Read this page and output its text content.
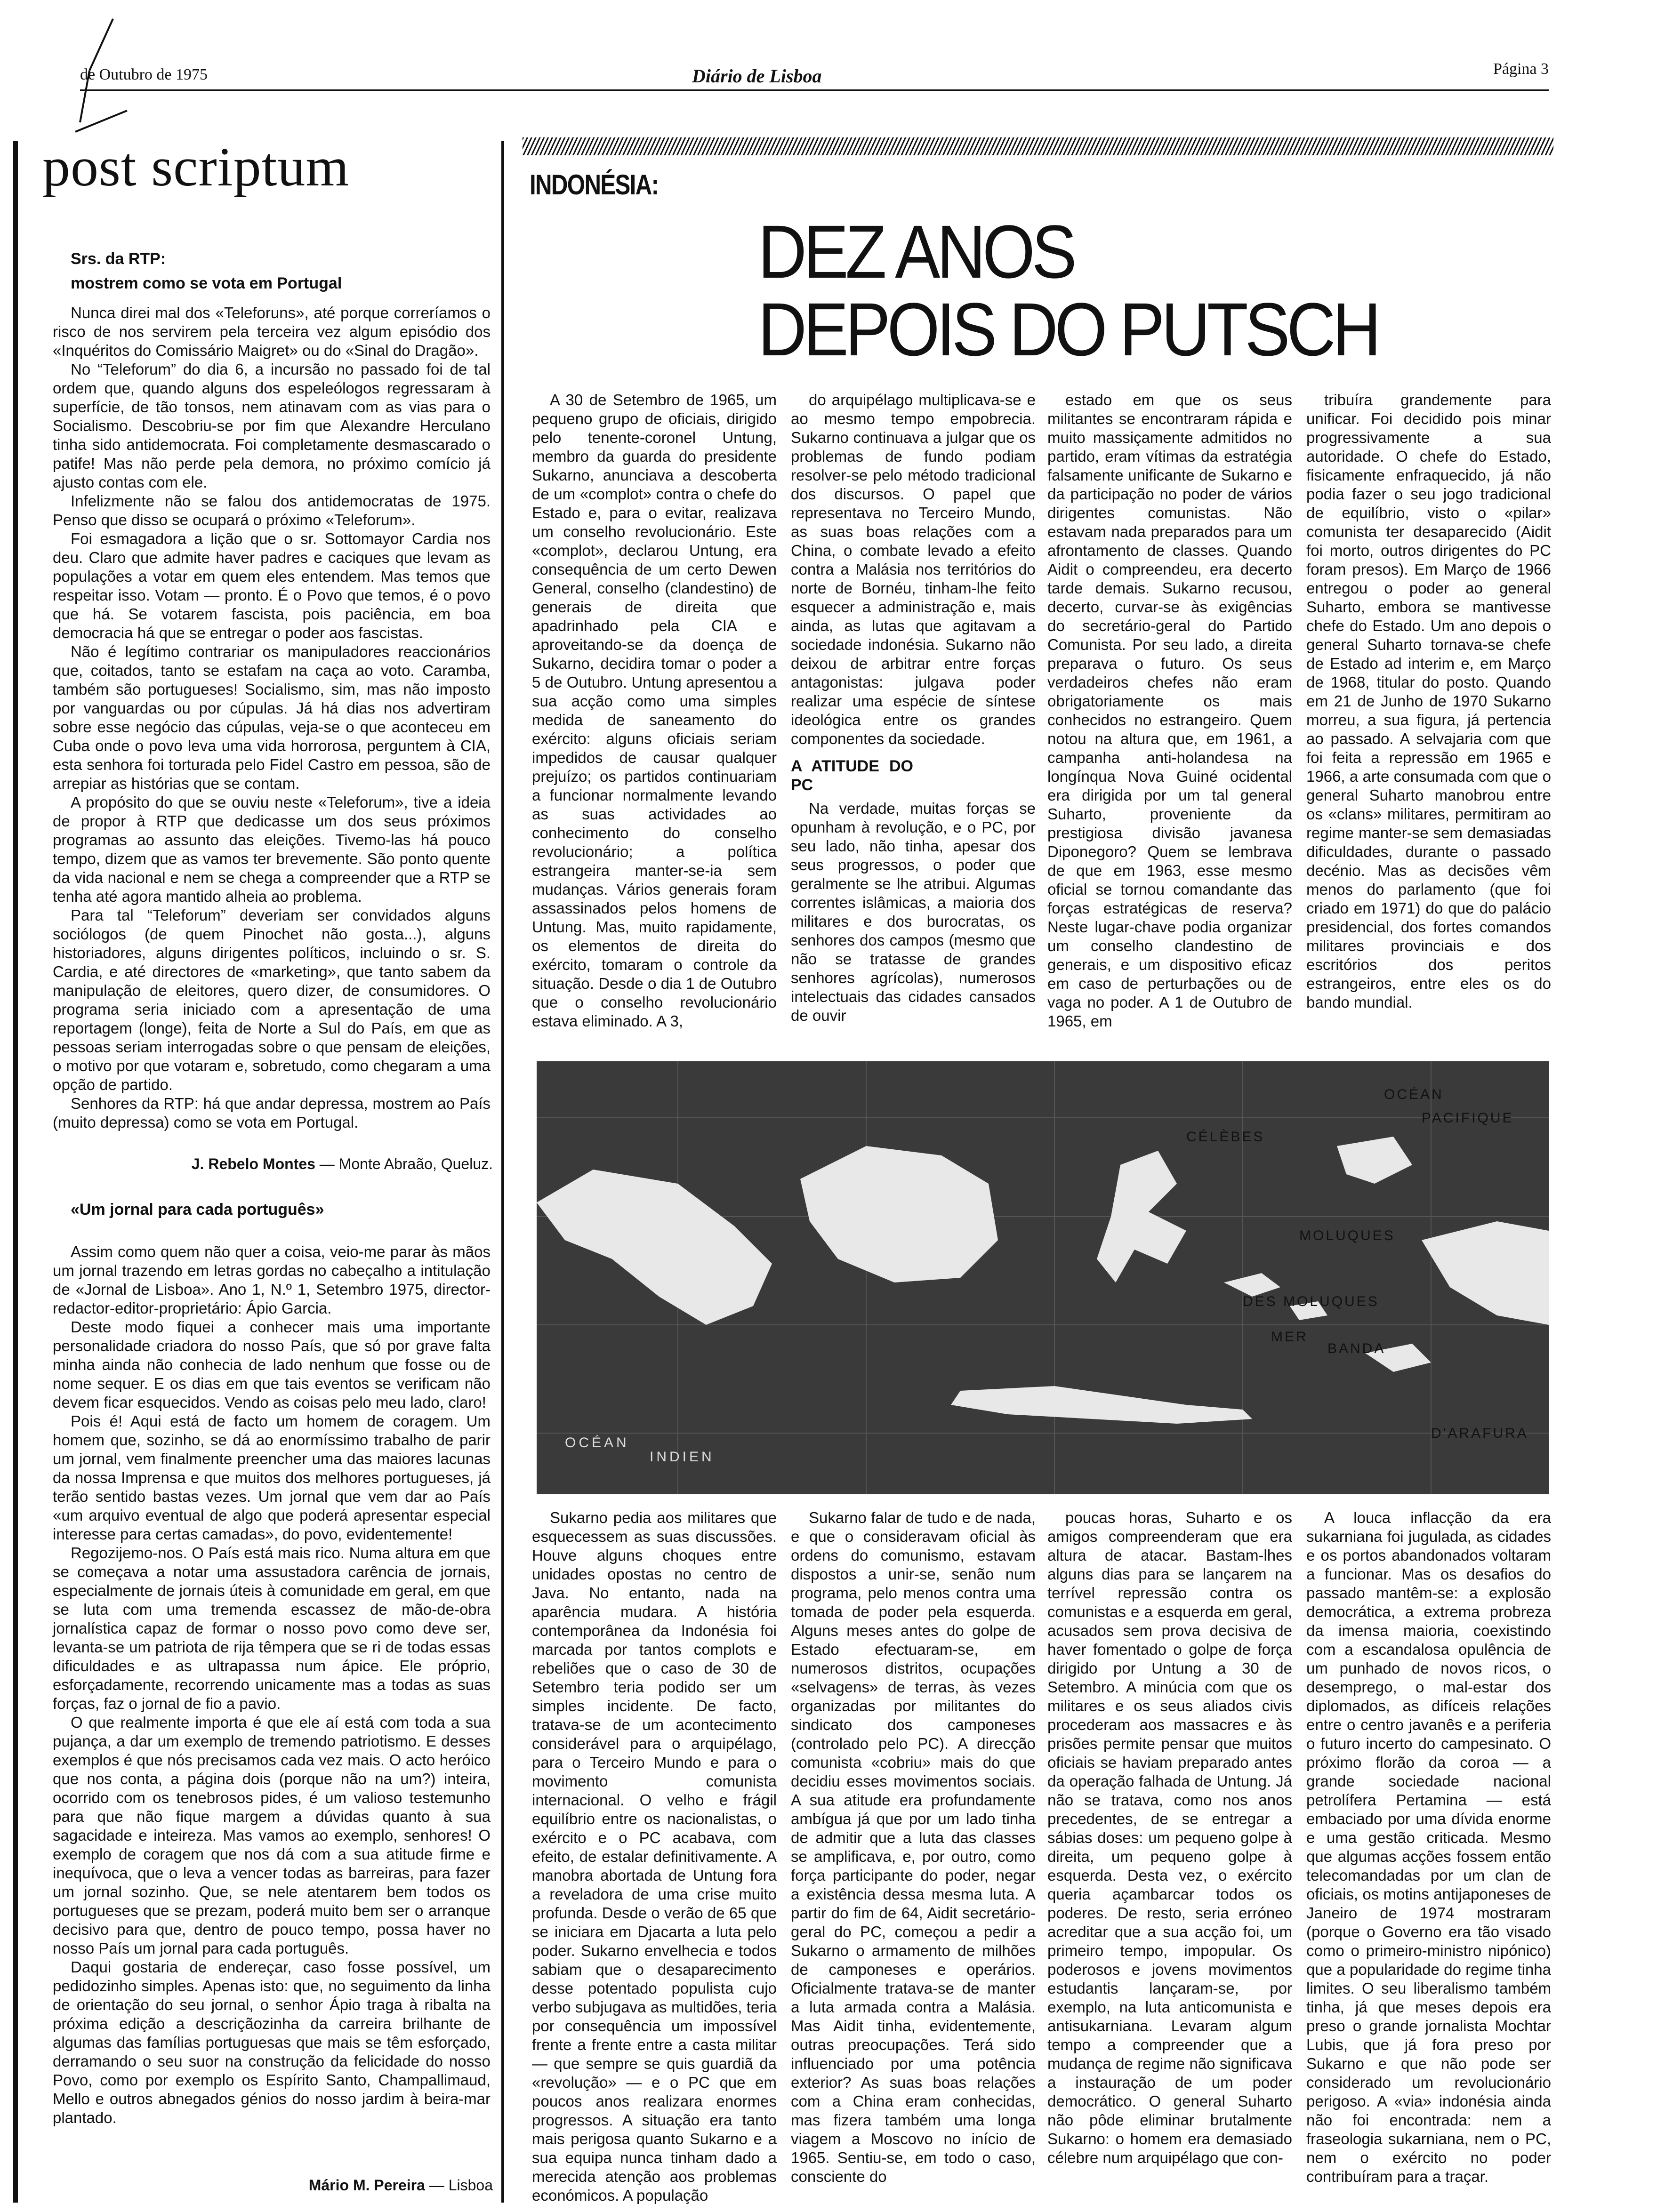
de Outubro de 1975	Diário de Lisboa	Página 3
post scriptum
Srs. da RTP:
mostrem como se vota em Portugal

Nunca direi mal dos «Teleforuns», até porque correríamos o risco de nos servirem pela terceira vez algum episódio dos «Inquéritos do Comissário Maigret» ou do «Sinal do Dragão».

No “Teleforum” do dia 6, a incursão no passado foi de tal ordem que, quando alguns dos espeleólogos regressaram à superfície, de tão tonsos, nem atinavam com as vias para o Socialismo. Descobriu-se por fim que Alexandre Herculano tinha sido antidemocrata. Foi completamente desmascarado o patife! Mas não perde pela demora, no próximo comício já ajusto contas com ele.

Infelizmente não se falou dos antidemocratas de 1975. Penso que disso se ocupará o próximo «Teleforum».

Foi esmagadora a lição que o sr. Sottomayor Cardia nos deu. Claro que admite haver padres e caciques que levam as populações a votar em quem eles entendem. Mas temos que respeitar isso. Votam — pronto. É o Povo que temos, é o povo que há. Se votarem fascista, pois paciência, em boa democracia há que se entregar o poder aos fascistas.

Não é legítimo contrariar os manipuladores reaccionários que, coitados, tanto se estafam na caça ao voto. Caramba, também são portugueses! Socialismo, sim, mas não imposto por vanguardas ou por cúpulas. Já há dias nos advertiram sobre esse negócio das cúpulas, veja-se o que aconteceu em Cuba onde o povo leva uma vida horrorosa, perguntem à CIA, esta senhora foi torturada pelo Fidel Castro em pessoa, são de arrepiar as histórias que se contam.

A propósito do que se ouviu neste «Teleforum», tive a ideia de propor à RTP que dedicasse um dos seus próximos programas ao assunto das eleições. Tivemo-las há pouco tempo, dizem que as vamos ter brevemente. São ponto quente da vida nacional e nem se chega a compreender que a RTP se tenha até agora mantido alheia ao problema.

Para tal “Teleforum” deveriam ser convidados alguns sociólogos (de quem Pinochet não gosta...), alguns historiadores, alguns dirigentes políticos, incluindo o sr. S. Cardia, e até directores de «marketing», que tanto sabem da manipulação de eleitores, quero dizer, de consumidores. O programa seria iniciado com a apresentação de uma reportagem (longe), feita de Norte a Sul do País, em que as pessoas seriam interrogadas sobre o que pensam de eleições, o motivo por que votaram e, sobretudo, como chegaram a uma opção de partido.

Senhores da RTP: há que andar depressa, mostrem ao País (muito depressa) como se vota em Portugal.

J. Rebelo Montes — Monte Abraão, Queluz.
«Um jornal para cada português»

Assim como quem não quer a coisa, veio-me parar às mãos um jornal trazendo em letras gordas no cabeçalho a intitulação de «Jornal de Lisboa». Ano 1, N.º 1, Setembro 1975, director-redactor-editor-proprietário: Ápio Garcia.

Deste modo fiquei a conhecer mais uma importante personalidade criadora do nosso País, que só por grave falta minha ainda não conhecia de lado nenhum que fosse ou de nome sequer. E os dias em que tais eventos se verificam não devem ficar esquecidos. Vendo as coisas pelo meu lado, claro!

Pois é! Aqui está de facto um homem de coragem. Um homem que, sozinho, se dá ao enormíssimo trabalho de parir um jornal, vem finalmente preencher uma das maiores lacunas da nossa Imprensa e que muitos dos melhores portugueses, já terão sentido bastas vezes. Um jornal que vem dar ao País «um arquivo eventual de algo que poderá apresentar especial interesse para certas camadas», do povo, evidentemente!

Regozijemo-nos. O País está mais rico. Numa altura em que se começava a notar uma assustadora carência de jornais, especialmente de jornais úteis à comunidade em geral, em que se luta com uma tremenda escassez de mão-de-obra jornalística capaz de formar o nosso povo como deve ser, levanta-se um patriota de rija têmpera que se ri de todas essas dificuldades e as ultrapassa num ápice. Ele próprio, esforçadamente, recorrendo unicamente mas a todas as suas forças, faz o jornal de fio a pavio.

O que realmente importa é que ele aí está com toda a sua pujança, a dar um exemplo de tremendo patriotismo. E desses exemplos é que nós precisamos cada vez mais. O acto heróico que nos conta, a página dois (porque não na um?) inteira, ocorrido com os tenebrosos pides, é um valioso testemunho para que não fique margem a dúvidas quanto à sua sagacidade e inteireza. Mas vamos ao exemplo, senhores! O exemplo de coragem que nos dá com a sua atitude firme e inequívoca, que o leva a vencer todas as barreiras, para fazer um jornal sozinho. Que, se nele atentarem bem todos os portugueses que se prezam, poderá muito bem ser o arranque decisivo para que, dentro de pouco tempo, possa haver no nosso País um jornal para cada português.

Daqui gostaria de endereçar, caso fosse possível, um pedidozinho simples. Apenas isto: que, no seguimento da linha de orientação do seu jornal, o senhor Ápio traga à ribalta na próxima edição a descriçãozinha da carreira brilhante de algumas das famílias portuguesas que mais se têm esforçado, derramando o seu suor na construção da felicidade do nosso Povo, como por exemplo os Espírito Santo, Champallimaud, Mello e outros abnegados génios do nosso jardim à beira-mar plantado.

Mário M. Pereira — Lisboa
INDONÉSIA:
DEZ ANOS
DEPOIS DO PUTSCH

A 30 de Setembro de 1965, um pequeno grupo de oficiais, dirigido pelo tenente-coronel Untung, membro da guarda do presidente Sukarno, anunciava a descoberta de um «complot» contra o chefe do Estado e, para o evitar, realizava um conselho revolucionário. Este «complot», declarou Untung, era consequência de um certo Dewen General, conselho (clandestino) de generais de direita que apadrinhado pela CIA e aproveitando-se da doença de Sukarno, decidira tomar o poder a 5 de Outubro. Untung apresentou a sua acção como uma simples medida de saneamento do exército: alguns oficiais seriam impedidos de causar qualquer prejuízo; os partidos continuariam a funcionar normalmente levando as suas actividades ao conhecimento do conselho revolucionário; a política estrangeira manter-se-ia sem mudanças. Vários generais foram assassinados pelos homens de Untung. Mas, muito rapidamente, os elementos de direita do exército, tomaram o controle da situação. Desde o dia 1 de Outubro que o conselho revolucionário estava eliminado. A 3,

do arquipélago multiplicava-se e ao mesmo tempo empobrecia. Sukarno continuava a julgar que os problemas de fundo podiam resolver-se pelo método tradicional dos discursos. O papel que representava no Terceiro Mundo, as suas boas relações com a China, o combate levado a efeito contra a Malásia nos territórios do norte de Bornéu, tinham-lhe feito esquecer a administração e, mais ainda, as lutas que agitavam a sociedade indonésia. Sukarno não deixou de arbitrar entre forças antagonistas: julgava poder realizar uma espécie de síntese ideológica entre os grandes componentes da sociedade.

A ATITUDE DO PC

Na verdade, muitas forças se opunham à revolução, e o PC, por seu lado, não tinha, apesar dos seus progressos, o poder que geralmente se lhe atribui. Algumas correntes islâmicas, a maioria dos militares e dos burocratas, os senhores dos campos (mesmo que não se tratasse de grandes senhores agrícolas), numerosos intelectuais das cidades cansados de ouvir

estado em que os seus militantes se encontraram rápida e muito massiçamente admitidos no partido, eram vítimas da estratégia falsamente unificante de Sukarno e da participação no poder de vários dirigentes comunistas. Não estavam nada preparados para um afrontamento de classes. Quando Aidit o compreendeu, era decerto tarde demais. Sukarno recusou, decerto, curvar-se às exigências do secretário-geral do Partido Comunista. Por seu lado, a direita preparava o futuro. Os seus verdadeiros chefes não eram obrigatoriamente os mais conhecidos no estrangeiro. Quem notou na altura que, em 1961, a campanha anti-holandesa na longínqua Nova Guiné ocidental era dirigida por um tal general Suharto, proveniente da prestigiosa divisão javanesa Diponegoro? Quem se lembrava de que em 1963, esse mesmo oficial se tornou comandante das forças estratégicas de reserva? Neste lugar-chave podia organizar um conselho clandestino de generais, e um dispositivo eficaz em caso de perturbações ou de vaga no poder. A 1 de Outubro de 1965, em

tribuíra grandemente para unificar. Foi decidido pois minar progressivamente a sua autoridade. O chefe do Estado, fisicamente enfraquecido, já não podia fazer o seu jogo tradicional de equilíbrio, visto o «pilar» comunista ter desaparecido (Aidit foi morto, outros dirigentes do PC foram presos). Em Março de 1966 entregou o poder ao general Suharto, embora se mantivesse chefe do Estado. Um ano depois o general Suharto tornava-se chefe de Estado ad interim e, em Março de 1968, titular do posto. Quando em 21 de Junho de 1970 Sukarno morreu, a sua figura, já pertencia ao passado. A selvajaria com que foi feita a repressão em 1965 e 1966, a arte consumada com que o general Suharto manobrou entre os «clans» militares, permitiram ao regime manter-se sem demasiadas dificuldades, durante o passado decénio. Mas as decisões vêm menos do parlamento (que foi criado em 1971) do que do palácio presidencial, dos fortes comandos militares provinciais e dos escritórios dos peritos estrangeiros, entre eles os do bando mundial.

OCÉAN
PACIFIQUE
CÉLÈBES
MOLUQUES
DES MOLUQUES
BANDA
MER
D'ARAFURA
INDIEN
OCÉAN

Sukarno pedia aos militares que esquecessem as suas discussões. Houve alguns choques entre unidades opostas no centro de Java. No entanto, nada na aparência mudara. A história contemporânea da Indonésia foi marcada por tantos complots e rebeliões que o caso de 30 de Setembro teria podido ser um simples incidente. De facto, tratava-se de um acontecimento considerável para o arquipélago, para o Terceiro Mundo e para o movimento comunista internacional. O velho e frágil equilíbrio entre os nacionalistas, o exército e o PC acabava, com efeito, de estalar definitivamente. A manobra abortada de Untung fora a reveladora de uma crise muito profunda. Desde o verão de 65 que se iniciara em Djacarta a luta pelo poder. Sukarno envelhecia e todos sabiam que o desaparecimento desse potentado populista cujo verbo subjugava as multidões, teria por consequência um impossível frente a frente entre a casta militar — que sempre se quis guardiã da «revolução» — e o PC que em poucos anos realizara enormes progressos. A situação era tanto mais perigosa quanto Sukarno e a sua equipa nunca tinham dado a merecida atenção aos problemas económicos. A população

Sukarno falar de tudo e de nada, e que o consideravam oficial às ordens do comunismo, estavam dispostos a unir-se, senão num programa, pelo menos contra uma tomada de poder pela esquerda. Alguns meses antes do golpe de Estado efectuaram-se, em numerosos distritos, ocupações «selvagens» de terras, às vezes organizadas por militantes do sindicato dos camponeses (controlado pelo PC). A direcção comunista «cobriu» mais do que decidiu esses movimentos sociais. A sua atitude era profundamente ambígua já que por um lado tinha de admitir que a luta das classes se amplificava, e, por outro, como força participante do poder, negar a existência dessa mesma luta. A partir do fim de 64, Aidit secretário-geral do PC, começou a pedir a Sukarno o armamento de milhões de camponeses e operários. Oficialmente tratava-se de manter a luta armada contra a Malásia. Mas Aidit tinha, evidentemente, outras preocupações. Terá sido influenciado por uma potência exterior? As suas boas relações com a China eram conhecidas, mas fizera também uma longa viagem a Moscovo no início de 1965. Sentiu-se, em todo o caso, consciente do

poucas horas, Suharto e os amigos compreenderam que era altura de atacar. Bastam-lhes alguns dias para se lançarem na terrível repressão contra os comunistas e a esquerda em geral, acusados sem prova decisiva de haver fomentado o golpe de força dirigido por Untung a 30 de Setembro. A minúcia com que os militares e os seus aliados civis procederam aos massacres e às prisões permite pensar que muitos oficiais se haviam preparado antes da operação falhada de Untung. Já não se tratava, como nos anos precedentes, de se entregar a sábias doses: um pequeno golpe à direita, um pequeno golpe à esquerda. Desta vez, o exército queria açambarcar todos os poderes. De resto, seria erróneo acreditar que a sua acção foi, um primeiro tempo, impopular. Os poderosos e jovens movimentos estudantis lançaram-se, por exemplo, na luta anticomunista e antisukarniana. Levaram algum tempo a compreender que a mudança de regime não significava a instauração de um poder democrático. O general Suharto não pôde eliminar brutalmente Sukarno: o homem era demasiado célebre num arquipélago que con-

A louca inflacção da era sukarniana foi jugulada, as cidades e os portos abandonados voltaram a funcionar. Mas os desafios do passado mantêm-se: a explosão democrática, a extrema probreza da imensa maioria, coexistindo com a escandalosa opulência de um punhado de novos ricos, o desemprego, o mal-estar dos diplomados, as difíceis relações entre o centro javanês e a periferia o futuro incerto do campesinato. O próximo florão da coroa — a grande sociedade nacional petrolífera Pertamina — está embaciado por uma dívida enorme e uma gestão criticada. Mesmo que algumas acções fossem então telecomandadas por um clan de oficiais, os motins antijaponeses de Janeiro de 1974 mostraram (porque o Governo era tão visado como o primeiro-ministro nipónico) que a popularidade do regime tinha limites. O seu liberalismo também tinha, já que meses depois era preso o grande jornalista Mochtar Lubis, que já fora preso por Sukarno e que não pode ser considerado um revolucionário perigoso. A «via» indonésia ainda não foi encontrada: nem a fraseologia sukarniana, nem o PC, nem o exército no poder contribuíram para a traçar.
